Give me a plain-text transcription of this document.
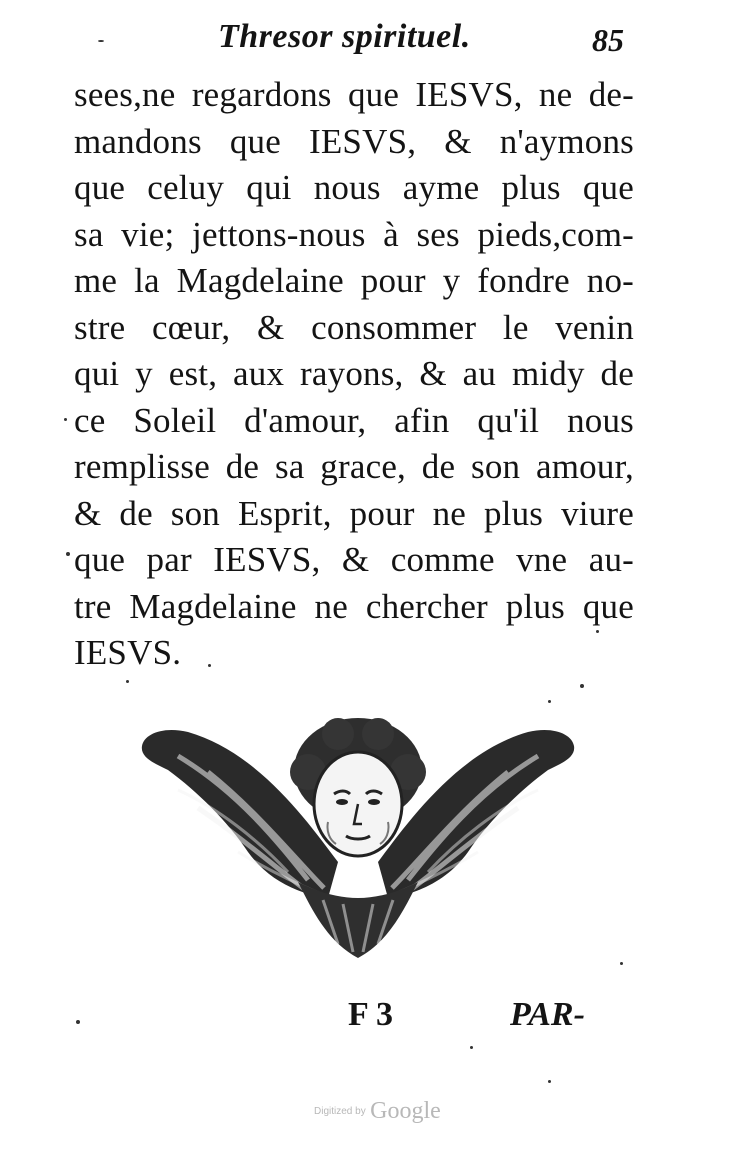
Thresor spirituel.	85
sees,ne regardons que IESVS, ne de-
mandons que IESVS, & n'aymons
que celuy qui nous ayme plus que
sa vie; jettons-nous à ses pieds,com-
me la Magdelaine pour y fondre no-
stre cœur, & consommer le venin
qui y est, aux rayons, & au midy de
ce Soleil d'amour, afin qu'il nous
remplisse de sa grace, de son amour,
& de son Esprit, pour ne plus viure
que par IESVS, & comme vne au-
tre Magdelaine ne chercher plus que
IESVS.
F 3	PAR-
Digitized by Google
